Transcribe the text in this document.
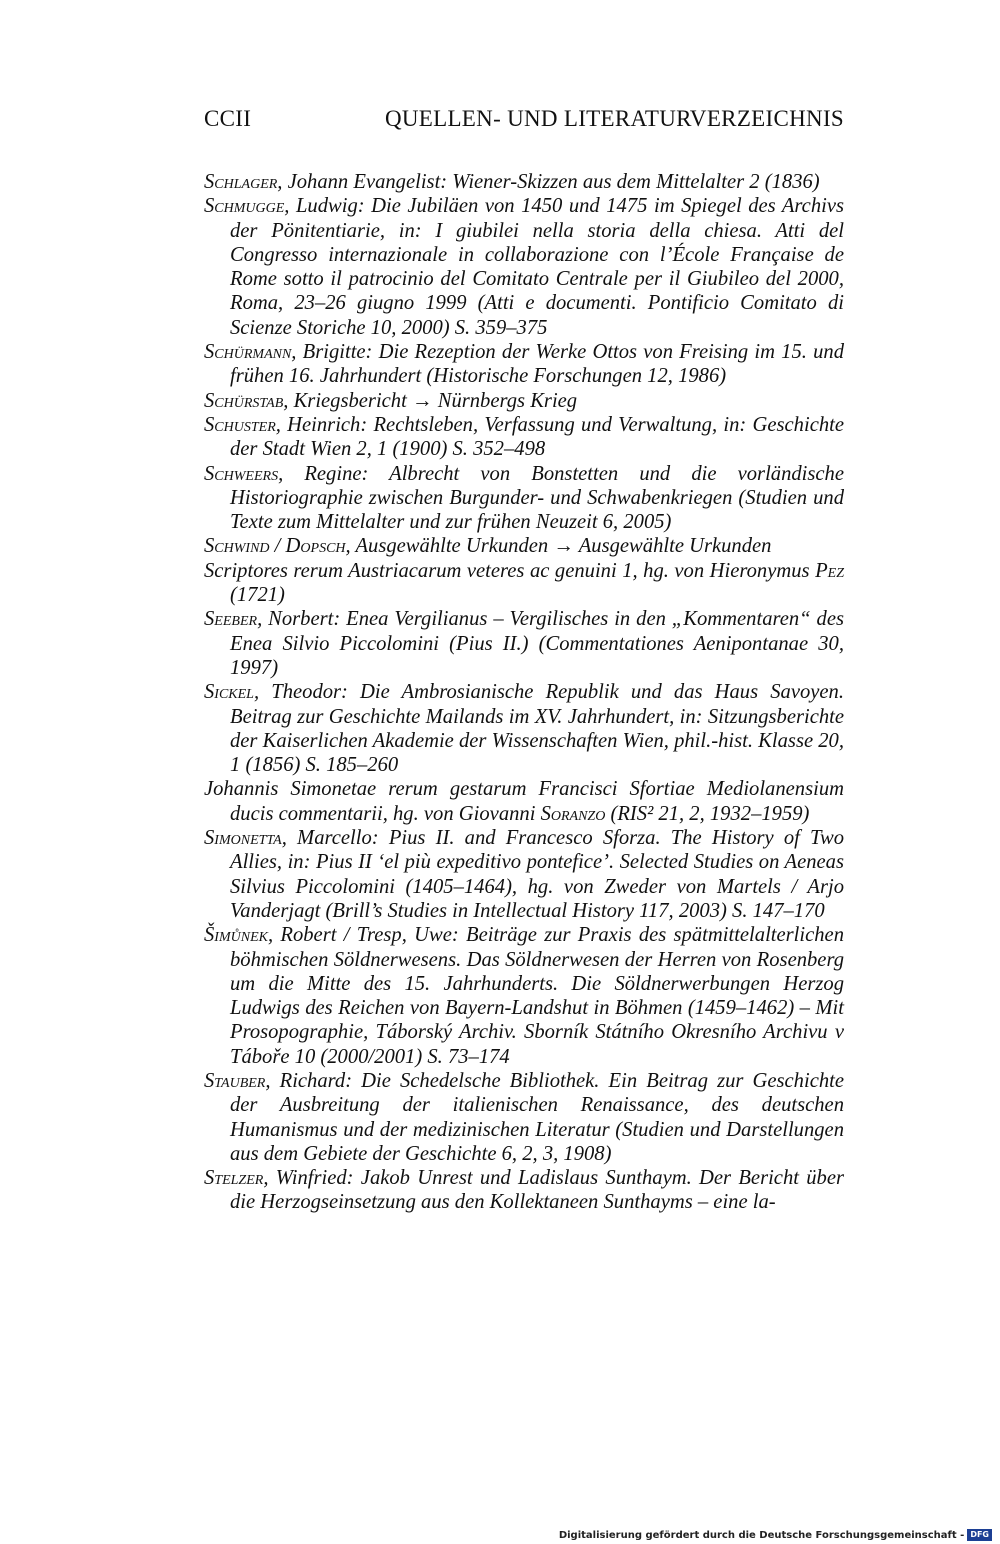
CCII	QUELLEN- UND LITERATURVERZEICHNIS

Schlager, Johann Evangelist: Wiener-Skizzen aus dem Mittelalter 2 (1836)

Schmugge, Ludwig: Die Jubiläen von 1450 und 1475 im Spiegel des Archivs der Pönitentiarie, in: I giubilei nella storia della chiesa. Atti del Congresso internazionale in collaborazione con l’École Française de Rome sotto il patrocinio del Comitato Centrale per il Giubileo del 2000, Roma, 23–26 giugno 1999 (Atti e documenti. Pontificio Comitato di Scienze Storiche 10, 2000) S. 359–375

Schürmann, Brigitte: Die Rezeption der Werke Ottos von Freising im 15. und frühen 16. Jahrhundert (Historische Forschungen 12, 1986)

Schürstab, Kriegsbericht → Nürnbergs Krieg

Schuster, Heinrich: Rechtsleben, Verfassung und Verwaltung, in: Geschichte der Stadt Wien 2, 1 (1900) S. 352–498

Schweers, Regine: Albrecht von Bonstetten und die vorländische Historiographie zwischen Burgunder- und Schwabenkriegen (Studien und Texte zum Mittelalter und zur frühen Neuzeit 6, 2005)

Schwind / Dopsch, Ausgewählte Urkunden → Ausgewählte Urkunden

Scriptores rerum Austriacarum veteres ac genuini 1, hg. von Hieronymus Pez (1721)

Seeber, Norbert: Enea Vergilianus – Vergilisches in den „Kommentaren“ des Enea Silvio Piccolomini (Pius II.) (Commentationes Aenipontanae 30, 1997)

Sickel, Theodor: Die Ambrosianische Republik und das Haus Savoyen. Beitrag zur Geschichte Mailands im XV. Jahrhundert, in: Sitzungsberichte der Kaiserlichen Akademie der Wissenschaften Wien, phil.-hist. Klasse 20, 1 (1856) S. 185–260

Johannis Simonetae rerum gestarum Francisci Sfortiae Mediolanensium ducis commentarii, hg. von Giovanni Soranzo (RIS² 21, 2, 1932–1959)

Simonetta, Marcello: Pius II. and Francesco Sforza. The History of Two Allies, in: Pius II ‘el più expeditivo pontefice’. Selected Studies on Aeneas Silvius Piccolomini (1405–1464), hg. von Zweder von Martels / Arjo Vanderjagt (Brill’s Studies in Intellectual History 117, 2003) S. 147–170

Šimůnek, Robert / Tresp, Uwe: Beiträge zur Praxis des spätmittelalterlichen böhmischen Söldnerwesens. Das Söldnerwesen der Herren von Rosenberg um die Mitte des 15. Jahrhunderts. Die Söldnerwerbungen Herzog Ludwigs des Reichen von Bayern-Landshut in Böhmen (1459–1462) – Mit Prosopographie, Táborský Archiv. Sborník Státního Okresního Archivu v Táboře 10 (2000/2001) S. 73–174

Stauber, Richard: Die Schedelsche Bibliothek. Ein Beitrag zur Geschichte der Ausbreitung der italienischen Renaissance, des deutschen Humanismus und der medizinischen Literatur (Studien und Darstellungen aus dem Gebiete der Geschichte 6, 2, 3, 1908)

Stelzer, Winfried: Jakob Unrest und Ladislaus Sunthaym. Der Bericht über die Herzogseinsetzung aus den Kollektaneen Sunthayms – eine la-

Digitalisierung gefördert durch die Deutsche Forschungsgemeinschaft - DFG
